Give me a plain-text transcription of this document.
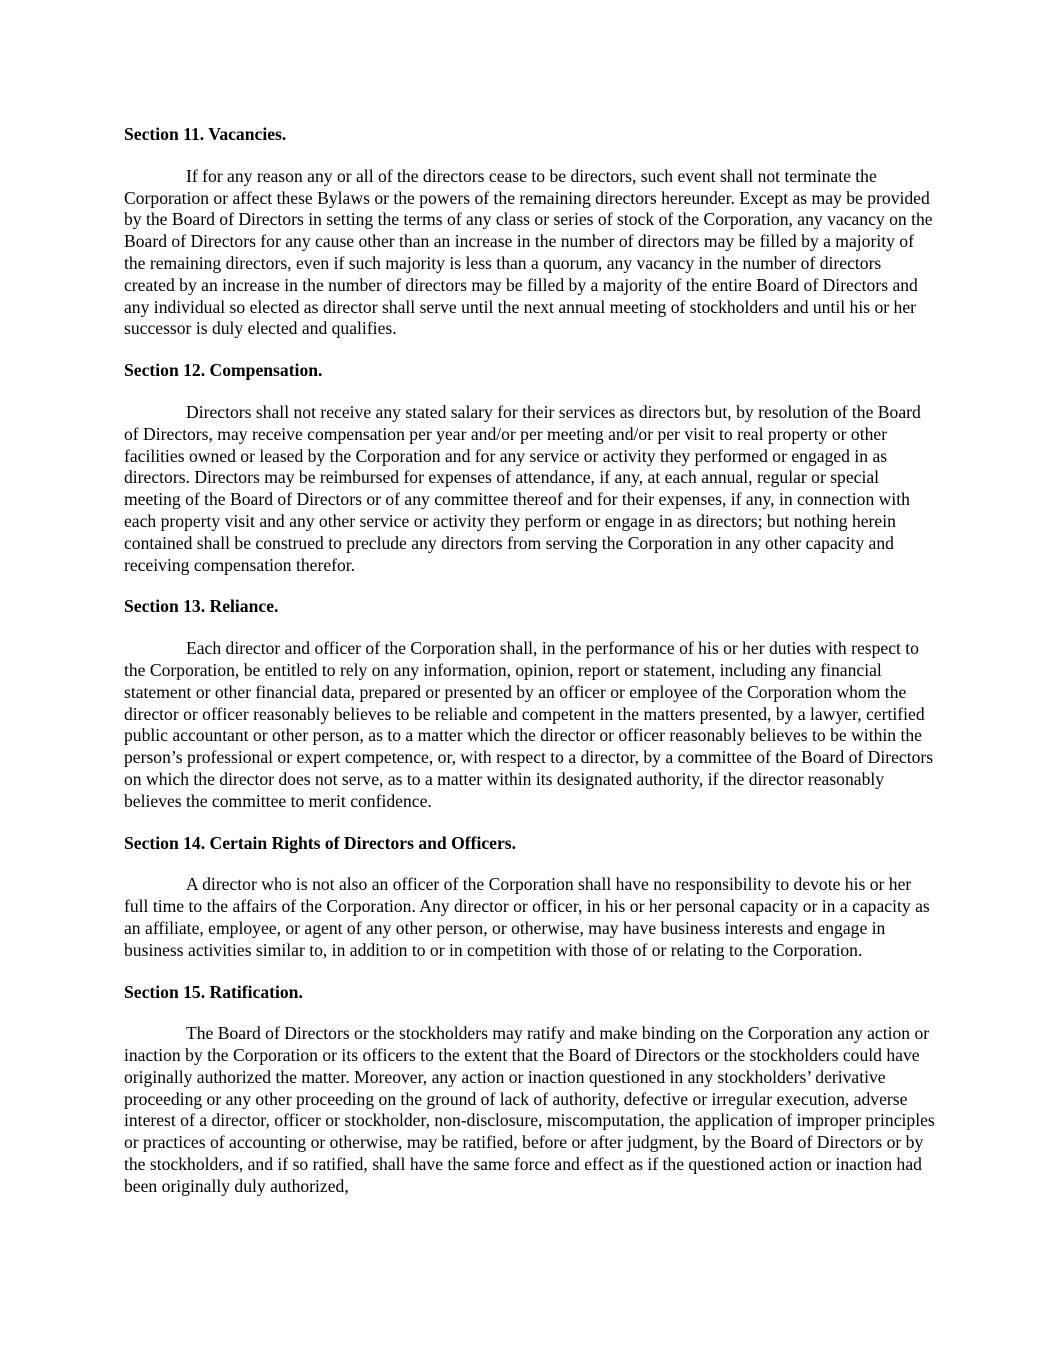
Section 11. Vacancies.

If for any reason any or all of the directors cease to be directors, such event shall not terminate the Corporation or affect these Bylaws or the powers of the remaining directors hereunder. Except as may be provided by the Board of Directors in setting the terms of any class or series of stock of the Corporation, any vacancy on the Board of Directors for any cause other than an increase in the number of directors may be filled by a majority of the remaining directors, even if such majority is less than a quorum, any vacancy in the number of directors created by an increase in the number of directors may be filled by a majority of the entire Board of Directors and any individual so elected as director shall serve until the next annual meeting of stockholders and until his or her successor is duly elected and qualifies.

Section 12. Compensation.

Directors shall not receive any stated salary for their services as directors but, by resolution of the Board of Directors, may receive compensation per year and/or per meeting and/or per visit to real property or other facilities owned or leased by the Corporation and for any service or activity they performed or engaged in as directors. Directors may be reimbursed for expenses of attendance, if any, at each annual, regular or special meeting of the Board of Directors or of any committee thereof and for their expenses, if any, in connection with each property visit and any other service or activity they perform or engage in as directors; but nothing herein contained shall be construed to preclude any directors from serving the Corporation in any other capacity and receiving compensation therefor.

Section 13. Reliance.

Each director and officer of the Corporation shall, in the performance of his or her duties with respect to the Corporation, be entitled to rely on any information, opinion, report or statement, including any financial statement or other financial data, prepared or presented by an officer or employee of the Corporation whom the director or officer reasonably believes to be reliable and competent in the matters presented, by a lawyer, certified public accountant or other person, as to a matter which the director or officer reasonably believes to be within the person’s professional or expert competence, or, with respect to a director, by a committee of the Board of Directors on which the director does not serve, as to a matter within its designated authority, if the director reasonably believes the committee to merit confidence.

Section 14. Certain Rights of Directors and Officers.

A director who is not also an officer of the Corporation shall have no responsibility to devote his or her full time to the affairs of the Corporation. Any director or officer, in his or her personal capacity or in a capacity as an affiliate, employee, or agent of any other person, or otherwise, may have business interests and engage in business activities similar to, in addition to or in competition with those of or relating to the Corporation.

Section 15. Ratification.

The Board of Directors or the stockholders may ratify and make binding on the Corporation any action or inaction by the Corporation or its officers to the extent that the Board of Directors or the stockholders could have originally authorized the matter. Moreover, any action or inaction questioned in any stockholders’ derivative proceeding or any other proceeding on the ground of lack of authority, defective or irregular execution, adverse interest of a director, officer or stockholder, non-disclosure, miscomputation, the application of improper principles or practices of accounting or otherwise, may be ratified, before or after judgment, by the Board of Directors or by the stockholders, and if so ratified, shall have the same force and effect as if the questioned action or inaction had been originally duly authorized,
